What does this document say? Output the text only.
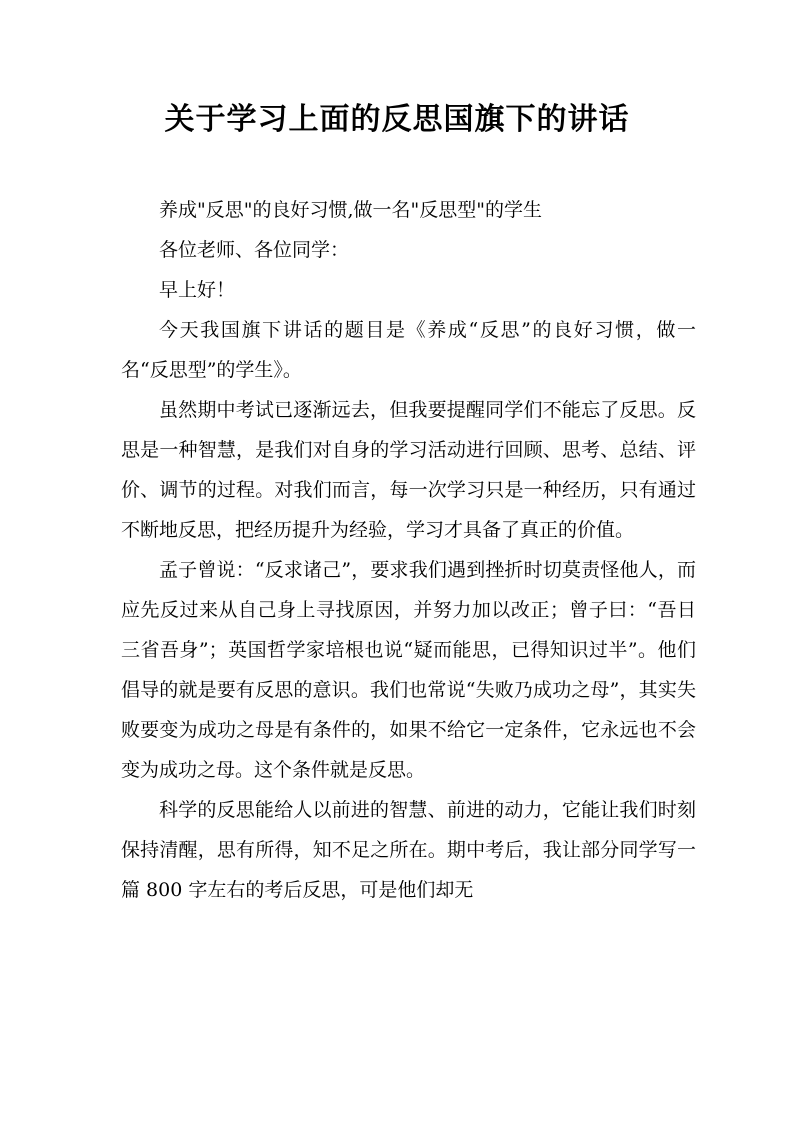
关于学习上面的反思国旗下的讲话

养成"反思"的良好习惯,做一名"反思型"的学生

各位老师、各位同学：

早上好！

今天我国旗下讲话的题目是《养成“反思”的良好习惯，做一名“反思型”的学生》。

虽然期中考试已逐渐远去，但我要提醒同学们不能忘了反思。反思是一种智慧，是我们对自身的学习活动进行回顾、思考、总结、评价、调节的过程。对我们而言，每一次学习只是一种经历，只有通过不断地反思，把经历提升为经验，学习才具备了真正的价值。

孟子曾说：“反求诸己”，要求我们遇到挫折时切莫责怪他人，而应先反过来从自己身上寻找原因，并努力加以改正；曾子曰：“吾日三省吾身”；英国哲学家培根也说“疑而能思，已得知识过半”。他们倡导的就是要有反思的意识。我们也常说“失败乃成功之母”，其实失败要变为成功之母是有条件的，如果不给它一定条件，它永远也不会变为成功之母。这个条件就是反思。

科学的反思能给人以前进的智慧、前进的动力，它能让我们时刻保持清醒，思有所得，知不足之所在。期中考后，我让部分同学写一篇 800 字左右的考后反思，可是他们却无
